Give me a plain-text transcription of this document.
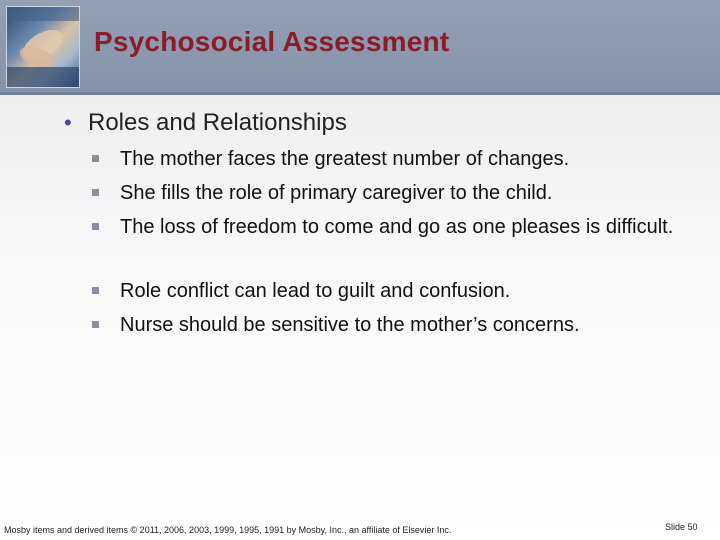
Psychosocial Assessment
• Roles and Relationships
The mother faces the greatest number of changes.
She fills the role of primary caregiver to the child.
The loss of freedom to come and go as one pleases is difficult.
Role conflict can lead to guilt and confusion.
Nurse should be sensitive to the mother’s concerns.
Mosby items and derived items © 2011, 2006, 2003, 1999, 1995, 1991 by Mosby, Inc., an affiliate of Elsevier Inc.	Slide 50
